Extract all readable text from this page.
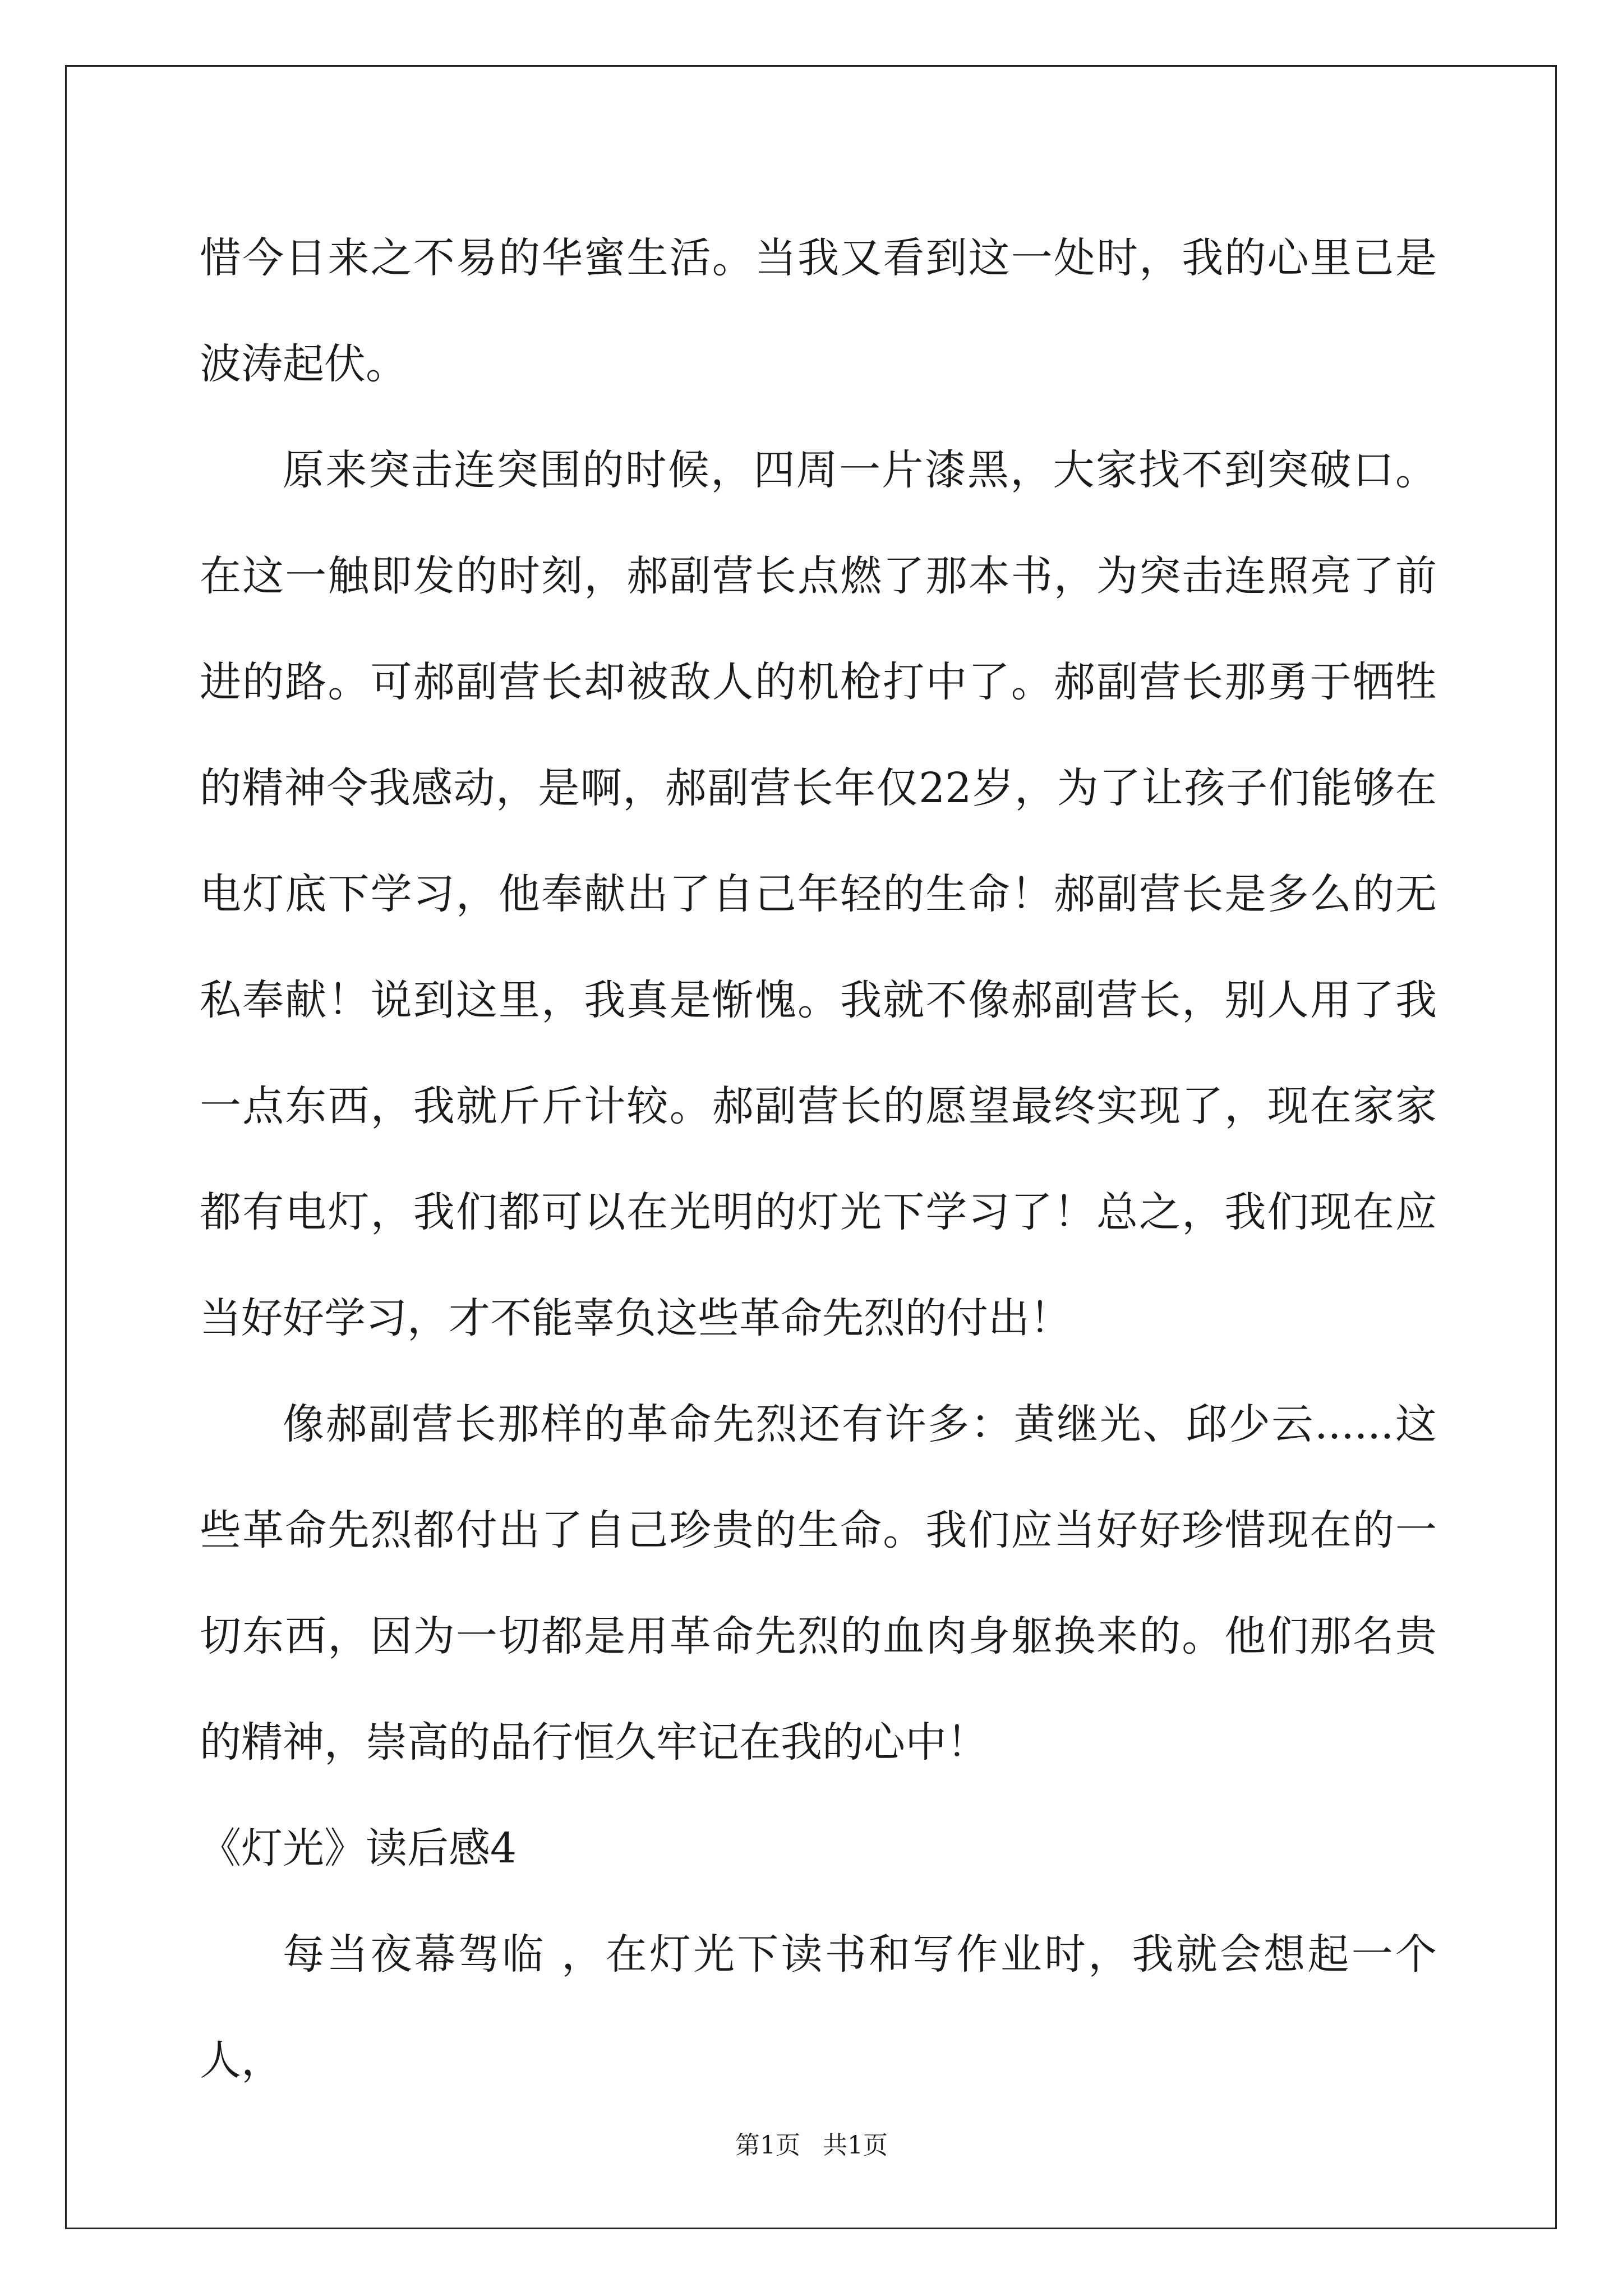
惜今日来之不易的华蜜生活。当我又看到这一处时，我的心里已是波涛起伏。

原来突击连突围的时候，四周一片漆黑，大家找不到突破口。在这一触即发的时刻，郝副营长点燃了那本书，为突击连照亮了前进的路。可郝副营长却被敌人的机枪打中了。郝副营长那勇于牺牲的精神令我感动，是啊，郝副营长年仅22岁，为了让孩子们能够在电灯底下学习，他奉献出了自己年轻的生命！郝副营长是多么的无私奉献！说到这里，我真是惭愧。我就不像郝副营长，别人用了我一点东西，我就斤斤计较。郝副营长的愿望最终实现了，现在家家都有电灯，我们都可以在光明的灯光下学习了！总之，我们现在应当好好学习，才不能辜负这些革命先烈的付出！

像郝副营长那样的革命先烈还有许多：黄继光、邱少云......这些革命先烈都付出了自己珍贵的生命。我们应当好好珍惜现在的一切东西，因为一切都是用革命先烈的血肉身躯换来的。他们那名贵的精神，崇高的品行恒久牢记在我的心中！

《灯光》读后感4

每当夜幕驾临 ，在灯光下读书和写作业时，我就会想起一个人，

第1页 共1页
